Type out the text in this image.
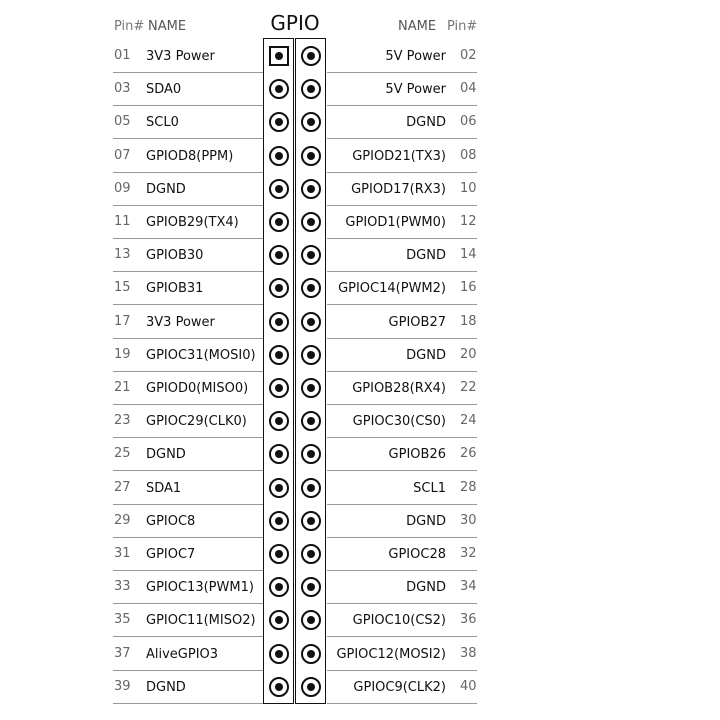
GPIO
Pin# NAME	NAME Pin#
01 3V3 Power	5V Power 02
03 SDA0	5V Power 04
05 SCL0	DGND 06
07 GPIOD8(PPM)	GPIOD21(TX3) 08
09 DGND	GPIOD17(RX3) 10
11 GPIOB29(TX4)	GPIOD1(PWM0) 12
13 GPIOB30	DGND 14
15 GPIOB31	GPIOC14(PWM2) 16
17 3V3 Power	GPIOB27 18
19 GPIOC31(MOSI0)	DGND 20
21 GPIOD0(MISO0)	GPIOB28(RX4) 22
23 GPIOC29(CLK0)	GPIOC30(CS0) 24
25 DGND	GPIOB26 26
27 SDA1	SCL1 28
29 GPIOC8	DGND 30
31 GPIOC7	GPIOC28 32
33 GPIOC13(PWM1)	DGND 34
35 GPIOC11(MISO2)	GPIOC10(CS2) 36
37 AliveGPIO3	GPIOC12(MOSI2) 38
39 DGND	GPIOC9(CLK2) 40
